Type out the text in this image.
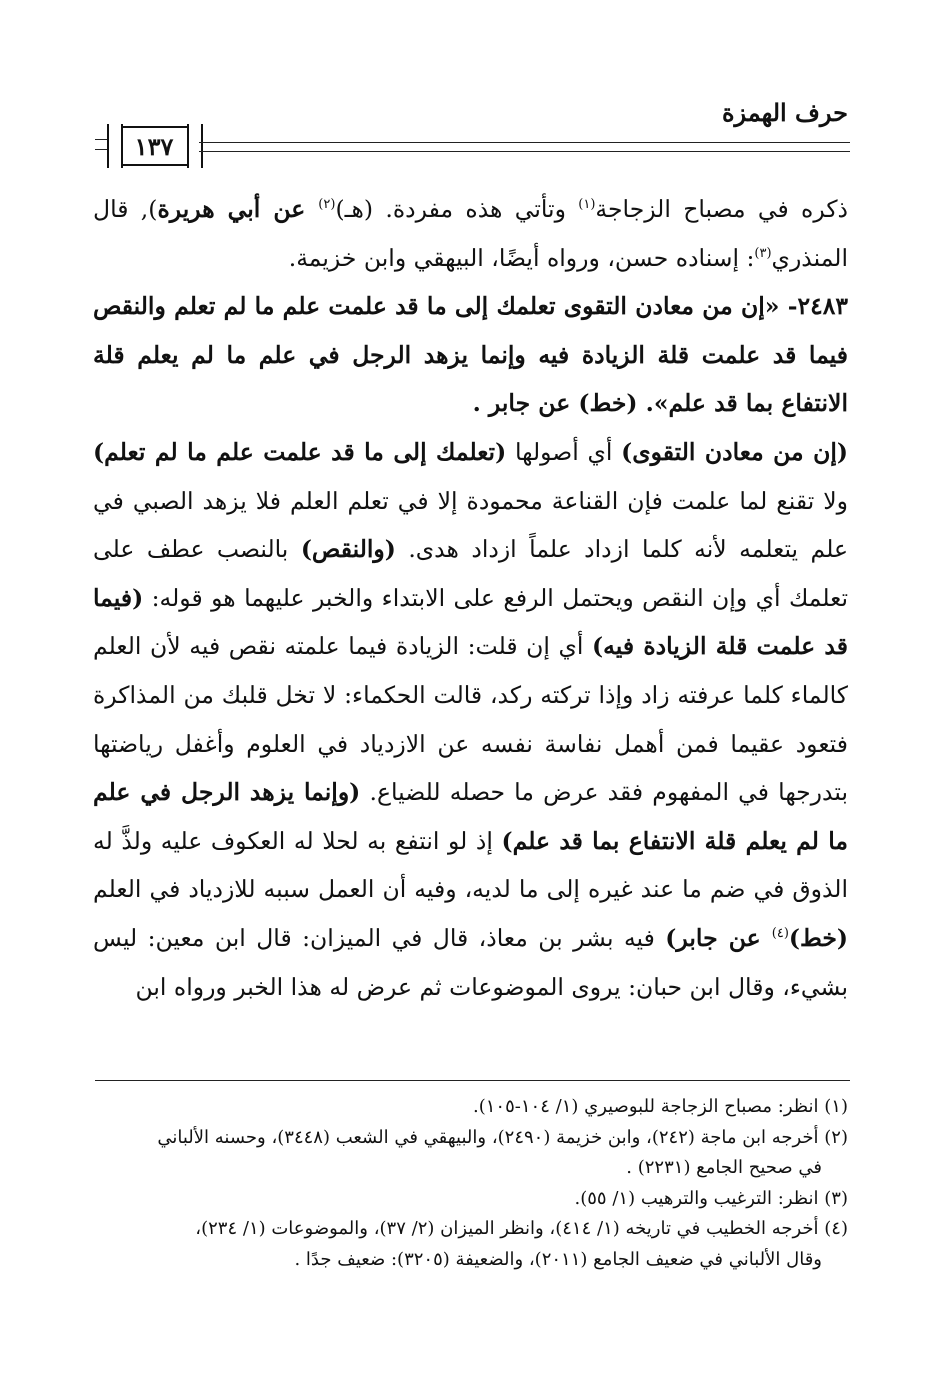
حرف الهمزة
١٣٧

ذكره في مصباح الزجاجة$^{(١)}$ وتأتي هذه مفردة. (هـ)$^{(٢)}$ عن أبي هريرة), قال المنذري$^{(٣)}$: إسناده حسن، ورواه أيضًا، البيهقي وابن خزيمة.

٢٤٨٣- «إن من معادن التقوى تعلمك إلى ما قد علمت علم ما لم تعلم والنقص فيما قد علمت قلة الزيادة فيه وإنما يزهد الرجل في علم ما لم يعلم قلة الانتفاع بما قد علم». (خط) عن جابر .

(إن من معادن التقوى) أي أصولها (تعلمك إلى ما قد علمت علم ما لم تعلم) ولا تقنع لما علمت فإن القناعة محمودة إلا في تعلم العلم فلا يزهد الصبي في علم يتعلمه لأنه كلما ازداد علماً ازداد هدى. (والنقص) بالنصب عطف على تعلمك أي وإن النقص ويحتمل الرفع على الابتداء والخبر عليهما هو قوله: (فيما قد علمت قلة الزيادة فيه) أي إن قلت: الزيادة فيما علمته نقص فيه لأن العلم كالماء كلما عرفته زاد وإذا تركته ركد، قالت الحكماء: لا تخل قلبك من المذاكرة فتعود عقيما فمن أهمل نفاسة نفسه عن الازدياد في العلوم وأغفل رياضتها بتدرجها في المفهوم فقد عرض ما حصله للضياع. (وإنما يزهد الرجل في علم ما لم يعلم قلة الانتفاع بما قد علم) إذ لو انتفع به لحلا له العكوف عليه ولذَّ له الذوق في ضم ما عند غيره إلى ما لديه، وفيه أن العمل سببه للازدياد في العلم (خط)$^{(٤)}$ عن جابر) فيه بشر بن معاذ، قال في الميزان: قال ابن معين: ليس بشيء، وقال ابن حبان: يروى الموضوعات ثم عرض له هذا الخبر ورواه ابن

(١) انظر: مصباح الزجاجة للبوصيري (١/ ١٠٤-١٠٥).

(٢) أخرجه ابن ماجة (٢٤٢)، وابن خزيمة (٢٤٩٠)، والبيهقي في الشعب (٣٤٤٨)، وحسنه الألباني

في صحيح الجامع (٢٢٣١) .

(٣) انظر: الترغيب والترهيب (١/ ٥٥).

(٤) أخرجه الخطيب في تاريخه (١/ ٤١٤)، وانظر الميزان (٢/ ٣٧)، والموضوعات (١/ ٢٣٤)،

وقال الألباني في ضعيف الجامع (٢٠١١)، والضعيفة (٣٢٠٥): ضعيف جدًا .
